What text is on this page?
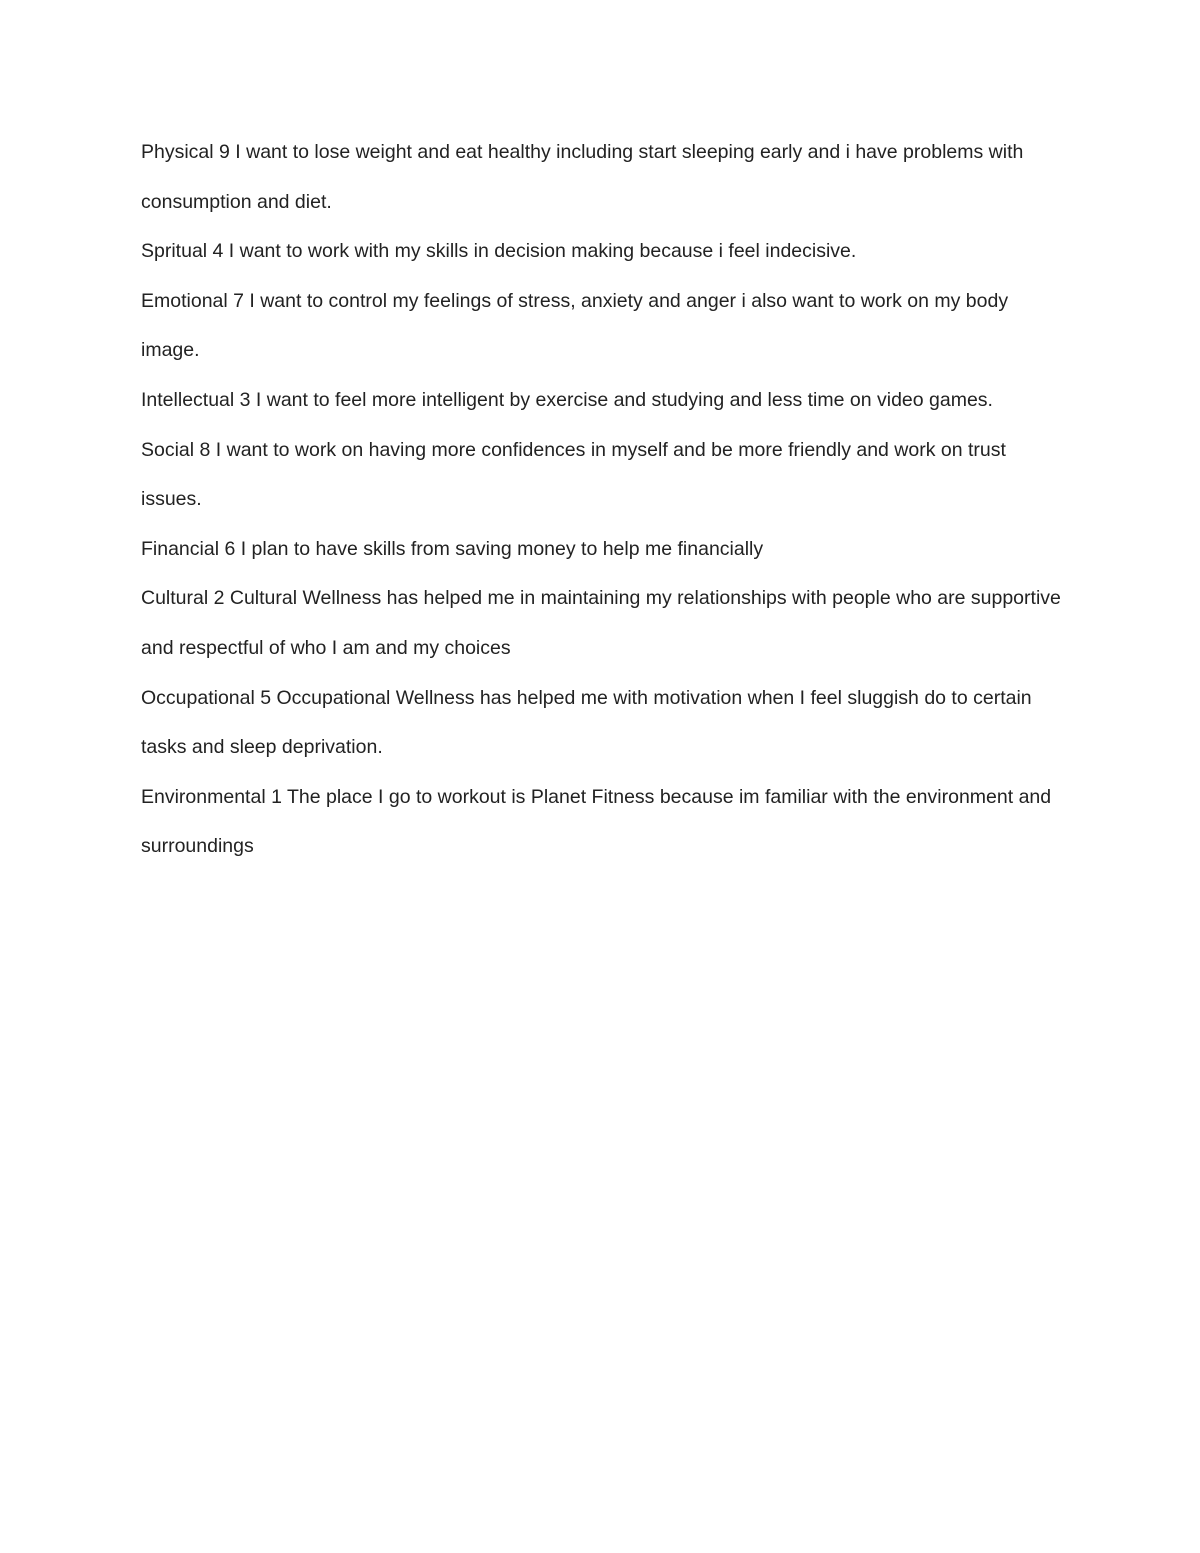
Physical 9 I want to lose weight and eat healthy including start sleeping early and i have problems with consumption and diet.

Spritual 4 I want to work with my skills in decision making because i feel indecisive.

Emotional 7 I want to control my feelings of stress, anxiety and anger i also want to work on my body image.

Intellectual 3 I want to feel more intelligent by exercise and studying and less time on video games.

Social 8 I want to work on having more confidences in myself and be more friendly and work on trust issues.

Financial 6 I plan to have skills from saving money to help me financially

Cultural 2 Cultural Wellness has helped me in maintaining my relationships with people who are supportive and respectful of who I am and my choices

Occupational 5 Occupational Wellness has helped me with motivation when I feel sluggish do to certain tasks and sleep deprivation.

Environmental 1 The place I go to workout is Planet Fitness because im familiar with the environment and surroundings
